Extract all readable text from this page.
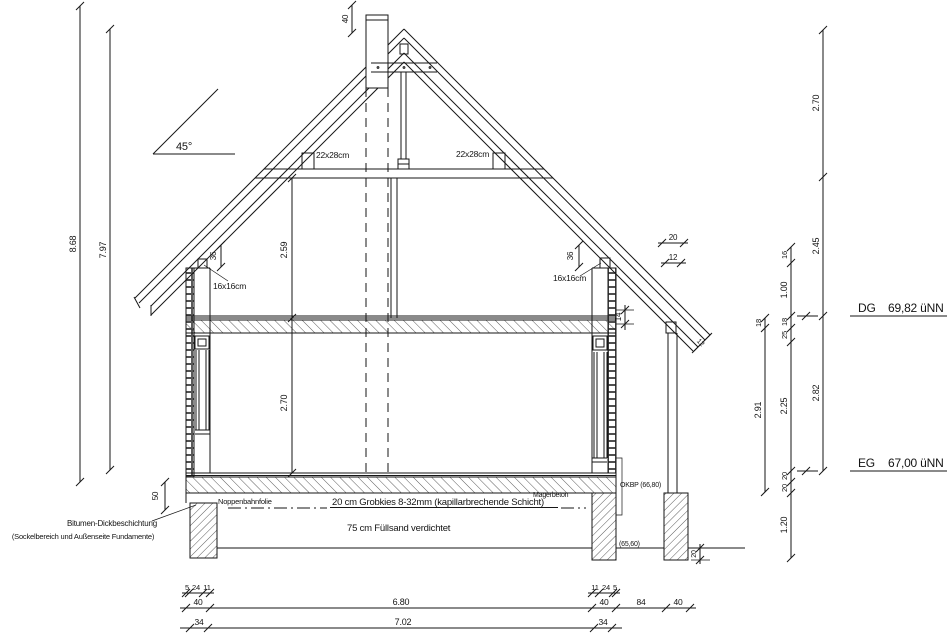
8.68 7.97
50
45°
40
2.59
2.70
22x28cm	22x28cm
36
16x16cm
36
16x16cm
20
12
12
14
18
2.91
16
1.00
18
25
2.25
20
20
1.20
2.70
2.45
2.82
DG 69,82 üNN
EG 67,00 üNN
OKBP (66,80)
(65,60)
20
Noppenbahnfolie	20 cm Grobkies 8-32mm (kapillarbrechende Schicht)
75 cm Füllsand verdichtet
Magerbeton
Bitumen-Dickbeschichtung
(Sockelbereich und Außenseite Fundamente)
5 24 11	11 24 5
40	6.80	40	84	40
34	7.02	34
